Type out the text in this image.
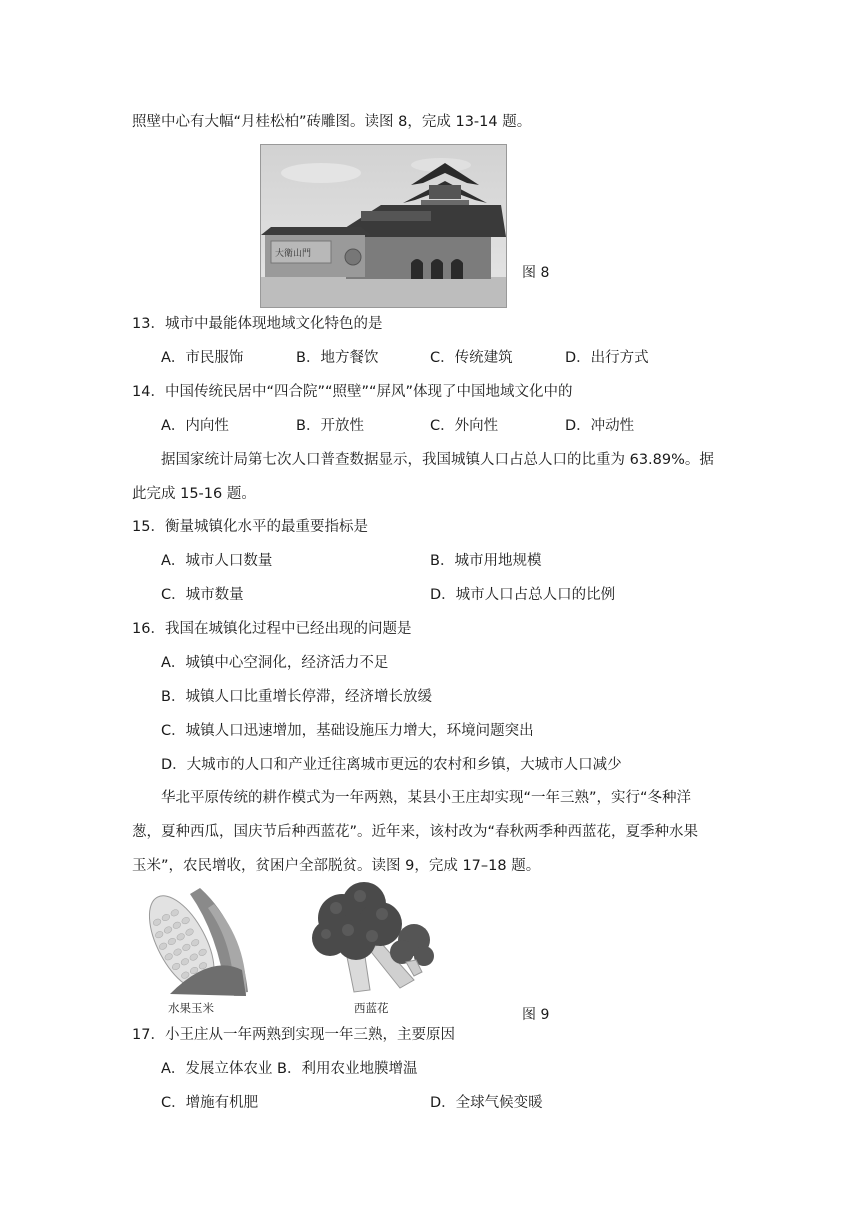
照壁中心有大幅“月桂松柏”砖雕图。读图 8，完成 13-14 题。
大衛山門
图 8
13．城市中最能体现地域文化特色的是
A．市民服饰	B．地方餐饮	C．传统建筑	D．出行方式
14．中国传统民居中“四合院”“照壁”“屏风”体现了中国地域文化中的
A．内向性	B．开放性	C．外向性	D．冲动性
据国家统计局第七次人口普查数据显示，我国城镇人口占总人口的比重为 63.89%。据
此完成 15-16 题。
15．衡量城镇化水平的最重要指标是
A．城市人口数量	B．城市用地规模
C．城市数量	D．城市人口占总人口的比例
16．我国在城镇化过程中已经出现的问题是
A．城镇中心空洞化，经济活力不足
B．城镇人口比重增长停滞，经济增长放缓
C．城镇人口迅速增加，基础设施压力增大，环境问题突出
D．大城市的人口和产业迁往离城市更远的农村和乡镇，大城市人口减少
华北平原传统的耕作模式为一年两熟，某县小王庄却实现“一年三熟”，实行“冬种洋
葱，夏种西瓜，国庆节后种西蓝花”。近年来，该村改为“春秋两季种西蓝花，夏季种水果
玉米”，农民增收，贫困户全部脱贫。读图 9，完成 17–18 题。
水果玉米	西蓝花	图 9
17．小王庄从一年两熟到实现一年三熟，主要原因
A．发展立体农业 B．利用农业地膜增温
C．增施有机肥	D．全球气候变暖
